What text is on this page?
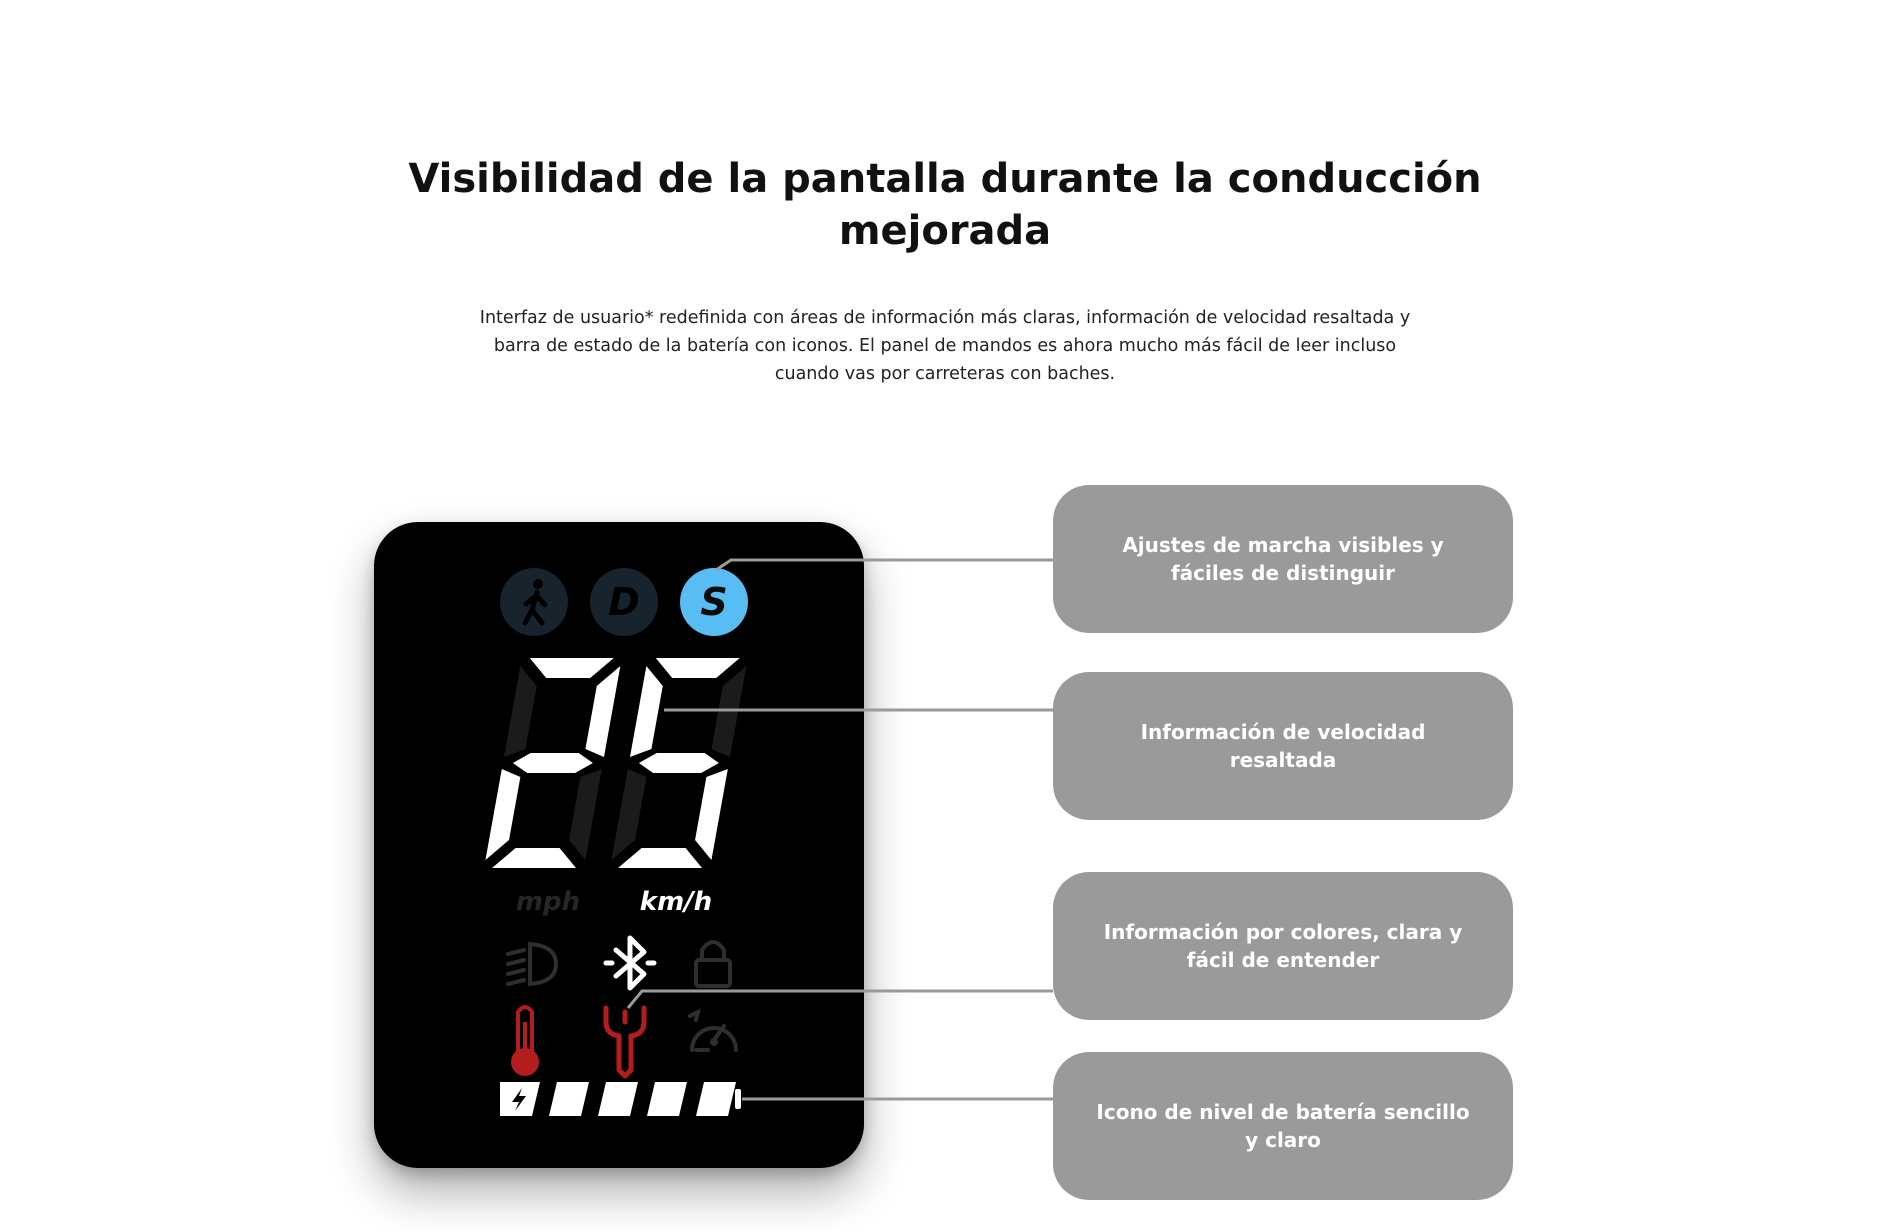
Visibilidad de la pantalla durante la conducción mejorada

Interfaz de usuario* redefinida con áreas de información más claras, información de velocidad resaltada y barra de estado de la batería con iconos. El panel de mandos es ahora mucho más fácil de leer incluso cuando vas por carreteras con baches.

D S
mph km/h
Ajustes de marcha visibles y fáciles de distinguir
Información de velocidad resaltada
Información por colores, clara y fácil de entender
Icono de nivel de batería sencillo y claro
